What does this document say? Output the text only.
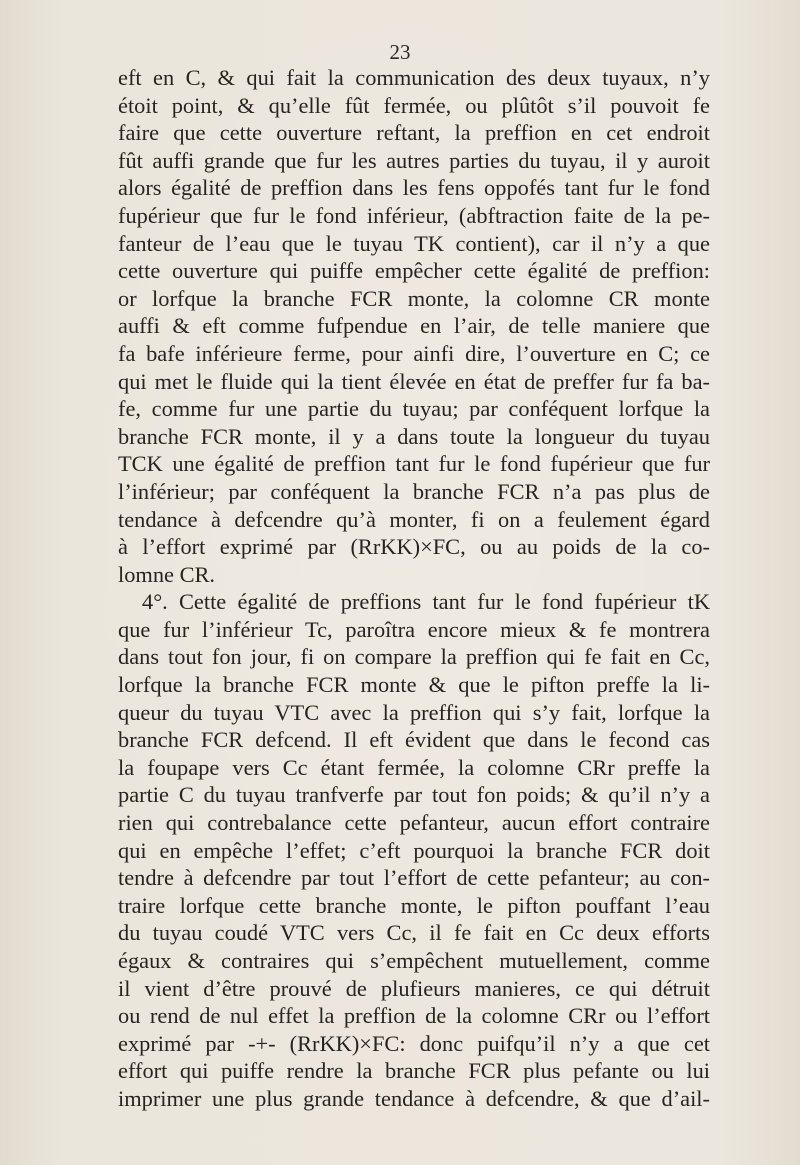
23
eft en C, & qui fait la communication des deux tuyaux, n’y
étoit point, & qu’elle fût fermée, ou plûtôt s’il pouvoit fe
faire que cette ouverture reftant, la preffion en cet endroit
fût auffi grande que fur les autres parties du tuyau, il y auroit
alors égalité de preffion dans les fens oppofés tant fur le fond
fupérieur que fur le fond inférieur, (abftraction faite de la pe-
fanteur de l’eau que le tuyau TK contient), car il n’y a que
cette ouverture qui puiffe empêcher cette égalité de preffion:
or lorfque la branche FCR monte, la colomne CR monte
auffi & eft comme fufpendue en l’air, de telle maniere que
fa bafe inférieure ferme, pour ainfi dire, l’ouverture en C; ce
qui met le fluide qui la tient élevée en état de preffer fur fa ba-
fe, comme fur une partie du tuyau; par conféquent lorfque la
branche FCR monte, il y a dans toute la longueur du tuyau
TCK une égalité de preffion tant fur le fond fupérieur que fur
l’inférieur; par conféquent la branche FCR n’a pas plus de
tendance à defcendre qu’à monter, fi on a feulement égard
à l’effort exprimé par (RrKK)×FC, ou au poids de la co-
lomne CR.
4°. Cette égalité de preffions tant fur le fond fupérieur tK
que fur l’inférieur Tc, paroîtra encore mieux & fe montrera
dans tout fon jour, fi on compare la preffion qui fe fait en Cc,
lorfque la branche FCR monte & que le pifton preffe la li-
queur du tuyau VTC avec la preffion qui s’y fait, lorfque la
branche FCR defcend. Il eft évident que dans le fecond cas
la foupape vers Cc étant fermée, la colomne CRr preffe la
partie C du tuyau tranfverfe par tout fon poids; & qu’il n’y a
rien qui contrebalance cette pefanteur, aucun effort contraire
qui en empêche l’effet; c’eft pourquoi la branche FCR doit
tendre à defcendre par tout l’effort de cette pefanteur; au con-
traire lorfque cette branche monte, le pifton pouffant l’eau
du tuyau coudé VTC vers Cc, il fe fait en Cc deux efforts
égaux & contraires qui s’empêchent mutuellement, comme
il vient d’être prouvé de plufieurs manieres, ce qui détruit
ou rend de nul effet la preffion de la colomne CRr ou l’effort
exprimé par -+- (RrKK)×FC: donc puifqu’il n’y a que cet
effort qui puiffe rendre la branche FCR plus pefante ou lui
imprimer une plus grande tendance à defcendre, & que d’ail-
